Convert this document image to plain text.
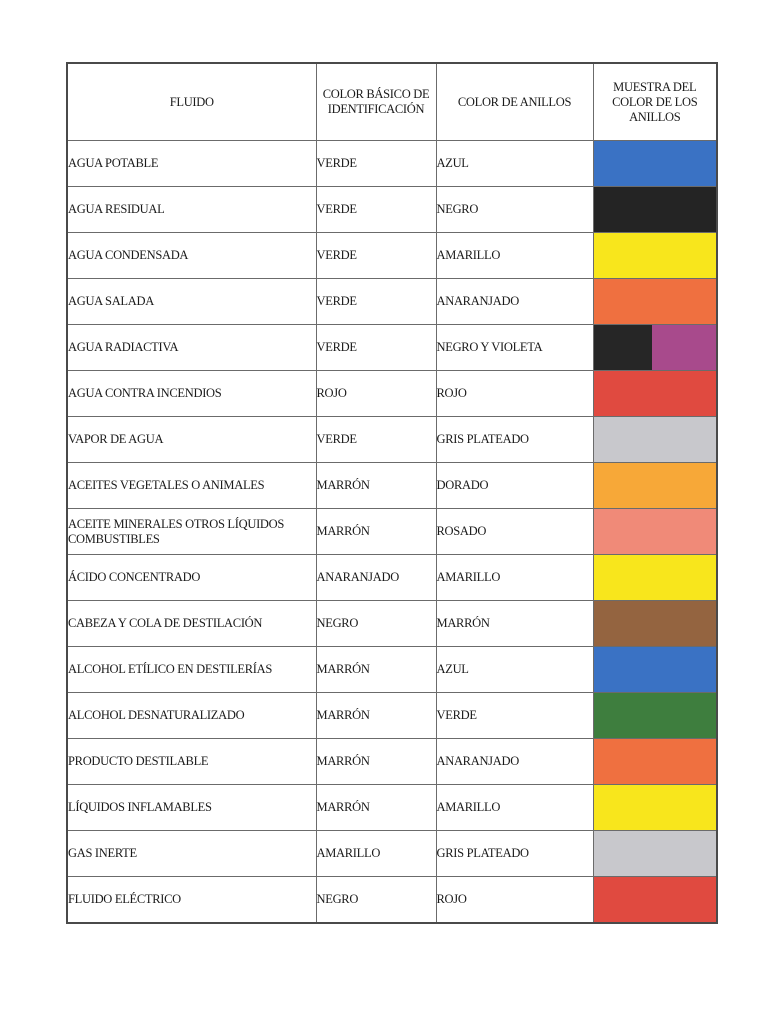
FLUIDO	COLOR BÁSICO DE IDENTIFICACIÓN	COLOR DE ANILLOS	MUESTRA DEL COLOR DE LOS ANILLOS
AGUA POTABLE	VERDE	AZUL	

AGUA RESIDUAL	VERDE	NEGRO	

AGUA CONDENSADA	VERDE	AMARILLO	

AGUA SALADA	VERDE	ANARANJADO	

AGUA RADIACTIVA	VERDE	NEGRO Y VIOLETA	

AGUA CONTRA INCENDIOS	ROJO	ROJO	

VAPOR DE AGUA	VERDE	GRIS PLATEADO	

ACEITES VEGETALES O ANIMALES	MARRÓN	DORADO	

ACEITE MINERALES OTROS LÍQUIDOS COMBUSTIBLES	MARRÓN	ROSADO	

ÁCIDO CONCENTRADO	ANARANJADO	AMARILLO	

CABEZA Y COLA DE DESTILACIÓN	NEGRO	MARRÓN	

ALCOHOL ETÍLICO EN DESTILERÍAS	MARRÓN	AZUL	

ALCOHOL DESNATURALIZADO	MARRÓN	VERDE	

PRODUCTO DESTILABLE	MARRÓN	ANARANJADO	

LÍQUIDOS INFLAMABLES	MARRÓN	AMARILLO	

GAS INERTE	AMARILLO	GRIS PLATEADO	

FLUIDO ELÉCTRICO	NEGRO	ROJO	
